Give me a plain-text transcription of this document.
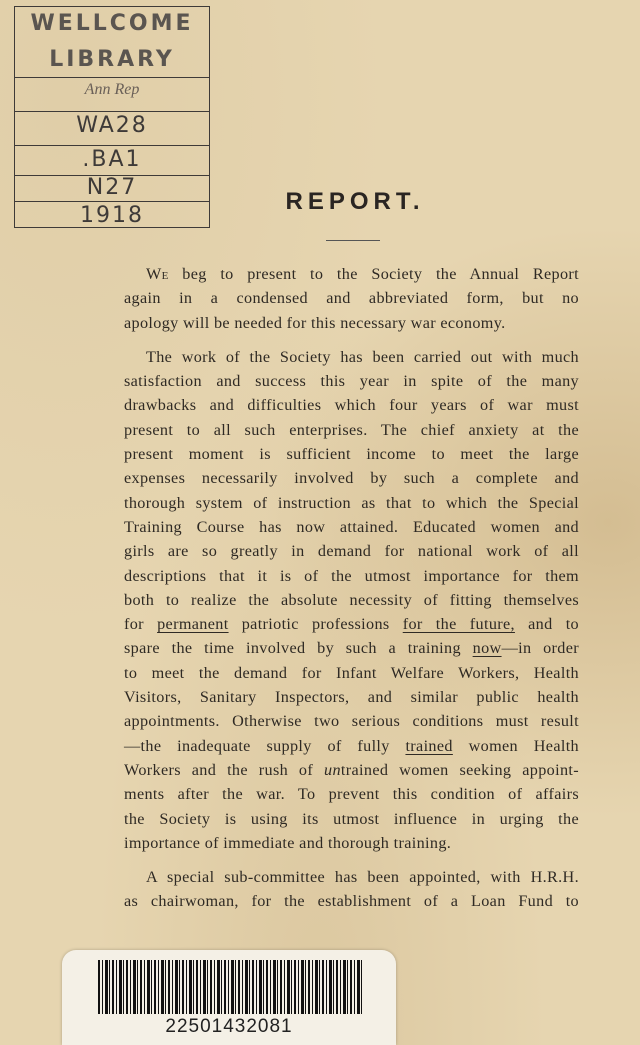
WELLCOME
LIBRARY
Ann Rep
WA28
.BA1
N27
1918
REPORT.

We beg to present to the Society the Annual Report
again in a condensed and abbreviated form, but no
apology will be needed for this necessary war economy.

The work of the Society has been carried out with much
satisfaction and success this year in spite of the many
drawbacks and difficulties which four years of war must
present to all such enterprises. The chief anxiety at the
present moment is sufficient income to meet the large
expenses necessarily involved by such a complete and
thorough system of instruction as that to which the Special
Training Course has now attained. Educated women and
girls are so greatly in demand for national work of all
descriptions that it is of the utmost importance for them
both to realize the absolute necessity of fitting themselves
for permanent patriotic professions for the future, and to
spare the time involved by such a training now—in order
to meet the demand for Infant Welfare Workers, Health
Visitors, Sanitary Inspectors, and similar public health
appointments. Otherwise two serious conditions must result
—the inadequate supply of fully trained women Health
Workers and the rush of untrained women seeking appoint-
ments after the war. To prevent this condition of affairs
the Society is using its utmost influence in urging the
importance of immediate and thorough training.

A special sub-committee has been appointed, with H.R.H.
as chairwoman, for the establishment of a Loan Fund to

22501432081
